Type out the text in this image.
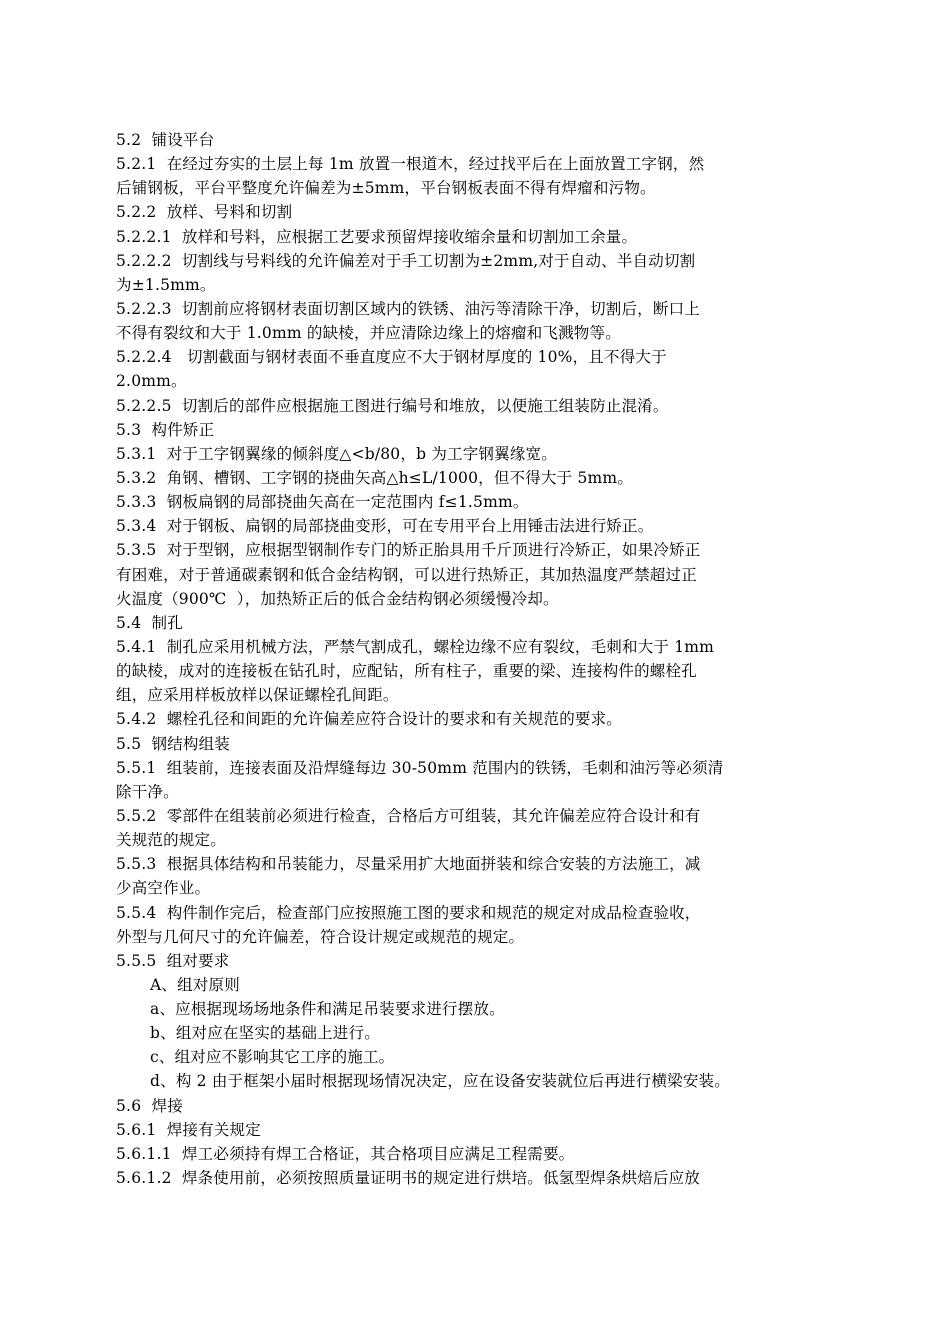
5.2  铺设平台
5.2.1  在经过夯实的土层上每 1m 放置一根道木，经过找平后在上面放置工字钢，然
后铺钢板，平台平整度允许偏差为±5mm，平台钢板表面不得有焊瘤和污物。
5.2.2  放样、号料和切割
5.2.2.1  放样和号料，应根据工艺要求预留焊接收缩余量和切割加工余量。
5.2.2.2  切割线与号料线的允许偏差对于手工切割为±2mm,对于自动、半自动切割
为±1.5mm。
5.2.2.3  切割前应将钢材表面切割区域内的铁锈、油污等清除干净，切割后，断口上
不得有裂纹和大于 1.0mm 的缺棱，并应清除边缘上的熔瘤和飞溅物等。
5.2.2.4   切割截面与钢材表面不垂直度应不大于钢材厚度的 10%，且不得大于
2.0mm。
5.2.2.5  切割后的部件应根据施工图进行编号和堆放，以便施工组装防止混淆。
5.3  构件矫正
5.3.1  对于工字钢翼缘的倾斜度△<b/80，b 为工字钢翼缘宽。
5.3.2  角钢、槽钢、工字钢的挠曲矢高△h≤L/1000，但不得大于 5mm。
5.3.3  钢板扁钢的局部挠曲矢高在一定范围内 f≤1.5mm。
5.3.4  对于钢板、扁钢的局部挠曲变形，可在专用平台上用锤击法进行矫正。
5.3.5  对于型钢，应根据型钢制作专门的矫正胎具用千斤顶进行冷矫正，如果冷矫正
有困难，对于普通碳素钢和低合金结构钢，可以进行热矫正，其加热温度严禁超过正
火温度（900℃  ），加热矫正后的低合金结构钢必须缓慢冷却。
5.4  制孔
5.4.1  制孔应采用机械方法，严禁气割成孔，螺栓边缘不应有裂纹，毛刺和大于 1mm
的缺棱，成对的连接板在钻孔时，应配钻，所有柱子，重要的梁、连接构件的螺栓孔
组，应采用样板放样以保证螺栓孔间距。
5.4.2  螺栓孔径和间距的允许偏差应符合设计的要求和有关规范的要求。
5.5  钢结构组装
5.5.1  组装前，连接表面及沿焊缝每边 30-50mm 范围内的铁锈，毛刺和油污等必须清
除干净。
5.5.2  零部件在组装前必须进行检查，合格后方可组装，其允许偏差应符合设计和有
关规范的规定。
5.5.3  根据具体结构和吊装能力，尽量采用扩大地面拼装和综合安装的方法施工，减
少高空作业。
5.5.4  构件制作完后，检查部门应按照施工图的要求和规范的规定对成品检查验收，
外型与几何尺寸的允许偏差，符合设计规定或规范的规定。
5.5.5  组对要求
A、组对原则
a、应根据现场场地条件和满足吊装要求进行摆放。
b、组对应在坚实的基础上进行。
c、组对应不影响其它工序的施工。
d、构 2 由于框架小届时根据现场情况决定，应在设备安装就位后再进行横梁安装。
5.6  焊接
5.6.1  焊接有关规定
5.6.1.1  焊工必须持有焊工合格证，其合格项目应满足工程需要。
5.6.1.2  焊条使用前，必须按照质量证明书的规定进行烘培。低氢型焊条烘焙后应放
